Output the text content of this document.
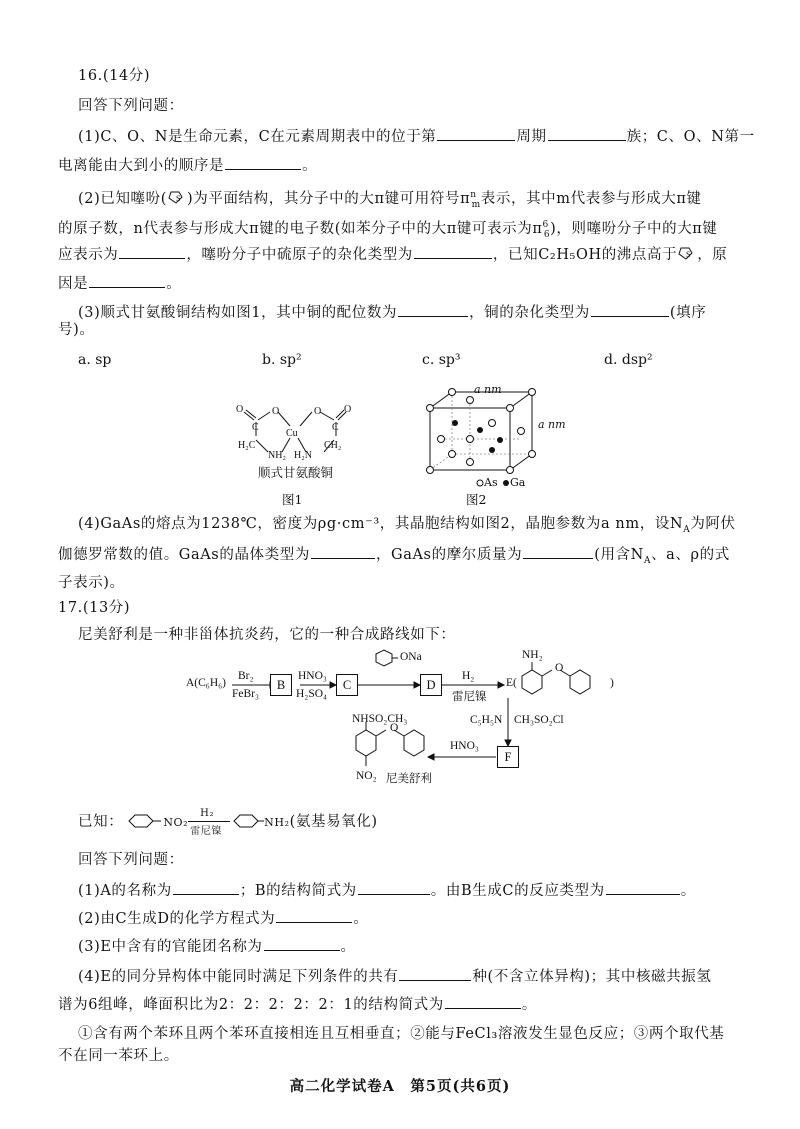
16.(14分)
回答下列问题：
(1)C、O、N是生命元素，C在元素周期表中的位于第	周期	族；C、O、N第一
电离能由大到小的顺序是	。
(2)已知噻吩( S )为平面结构，其分子中的大π键可用符号$\pi^n_m$表示，其中m代表参与形成大π键
的原子数，n代表参与形成大π键的电子数(如苯分子中的大π键可表示为$\pi^6_6$)，则噻吩分子中的大π键
应表示为	，噻吩分子中硫原子的杂化类型为	，已知C₂H₅OH的沸点高于 S ，原
因是	。
(3)顺式甘氨酸铜结构如图1，其中铜的配位数为	，铜的杂化类型为	(填序
号)。
a. sp	b. sp²	c. sp³	d. dsp²
O
C
O	O
C
O
Cu
H₂C
NH₂ H₂N
CH₂
顺式甘氨酸铜
图1
a nm
a nm
As Ga
图2
(4)GaAs的熔点为1238℃，密度为ρg·cm⁻³，其晶胞结构如图2，晶胞参数为a nm，设$N_A$为阿伏
伽德罗常数的值。GaAs的晶体类型为	，GaAs的摩尔质量为	(用含$N_A$、a、ρ的式
子表示)。
17.(13分)
尼美舒利是一种非甾体抗炎药，它的一种合成路线如下：
A(C₆H₆)
Br₂
FeBr₃
B
HNO₃
H₂SO₄
C
ONa
D
H₂
雷尼镍
E(
NH₂
O
)
C₅H₅N CH₃SO₂Cl
F
HNO₃
NHSO₂CH₃
O
NO₂ 尼美舒利
已知：	NO₂
H₂
雷尼镍
NH₂(氨基易氧化)
回答下列问题：
(1)A的名称为	；B的结构简式为	。由B生成C的反应类型为	。
(2)由C生成D的化学方程式为	。
(3)E中含有的官能团名称为	。
(4)E的同分异构体中能同时满足下列条件的共有	种(不含立体异构)；其中核磁共振氢
谱为6组峰，峰面积比为2：2：2：2：2：1的结构简式为	。
①含有两个苯环且两个苯环直接相连且互相垂直；②能与FeCl₃溶液发生显色反应；③两个取代基
不在同一苯环上。
高二化学试卷A　第5页(共6页)
